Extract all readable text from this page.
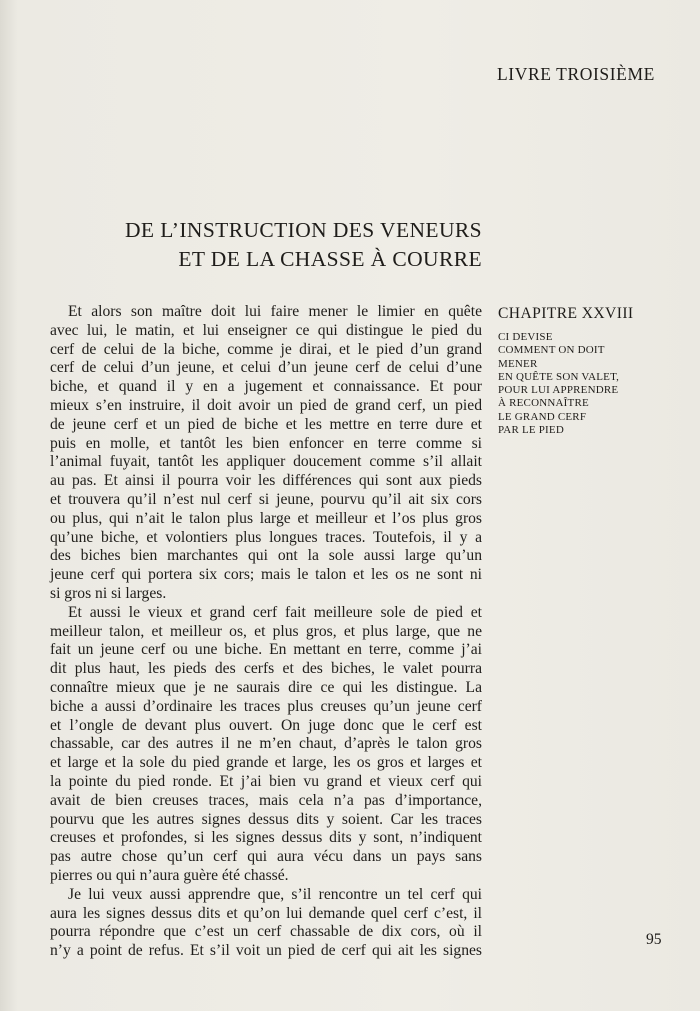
LIVRE TROISIÈME
DE L’INSTRUCTION DES VENEURS
ET DE LA CHASSE À COURRE
Et alors son maître doit lui faire mener le limier en quête
avec lui, le matin, et lui enseigner ce qui distingue le pied du
cerf de celui de la biche, comme je dirai, et le pied d’un grand
cerf de celui d’un jeune, et celui d’un jeune cerf de celui d’une
biche, et quand il y en a jugement et connaissance. Et pour
mieux s’en instruire, il doit avoir un pied de grand cerf, un pied
de jeune cerf et un pied de biche et les mettre en terre dure et
puis en molle, et tantôt les bien enfoncer en terre comme si
l’animal fuyait, tantôt les appliquer doucement comme s’il allait
au pas. Et ainsi il pourra voir les différences qui sont aux pieds
et trouvera qu’il n’est nul cerf si jeune, pourvu qu’il ait six cors
ou plus, qui n’ait le talon plus large et meilleur et l’os plus gros
qu’une biche, et volontiers plus longues traces. Toutefois, il y a
des biches bien marchantes qui ont la sole aussi large qu’un
jeune cerf qui portera six cors; mais le talon et les os ne sont ni
si gros ni si larges.
Et aussi le vieux et grand cerf fait meilleure sole de pied et
meilleur talon, et meilleur os, et plus gros, et plus large, que ne
fait un jeune cerf ou une biche. En mettant en terre, comme j’ai
dit plus haut, les pieds des cerfs et des biches, le valet pourra
connaître mieux que je ne saurais dire ce qui les distingue. La
biche a aussi d’ordinaire les traces plus creuses qu’un jeune cerf
et l’ongle de devant plus ouvert. On juge donc que le cerf est
chassable, car des autres il ne m’en chaut, d’après le talon gros
et large et la sole du pied grande et large, les os gros et larges et
la pointe du pied ronde. Et j’ai bien vu grand et vieux cerf qui
avait de bien creuses traces, mais cela n’a pas d’importance,
pourvu que les autres signes dessus dits y soient. Car les traces
creuses et profondes, si les signes dessus dits y sont, n’indiquent
pas autre chose qu’un cerf qui aura vécu dans un pays sans
pierres ou qui n’aura guère été chassé.
Je lui veux aussi apprendre que, s’il rencontre un tel cerf qui
aura les signes dessus dits et qu’on lui demande quel cerf c’est, il
pourra répondre que c’est un cerf chassable de dix cors, où il
n’y a point de refus. Et s’il voit un pied de cerf qui ait les signes
CHAPITRE XXVIII
CI DEVISE
COMMENT ON DOIT
MENER
EN QUÊTE SON VALET,
POUR LUI APPRENDRE
À RECONNAÎTRE
LE GRAND CERF
PAR LE PIED
95
